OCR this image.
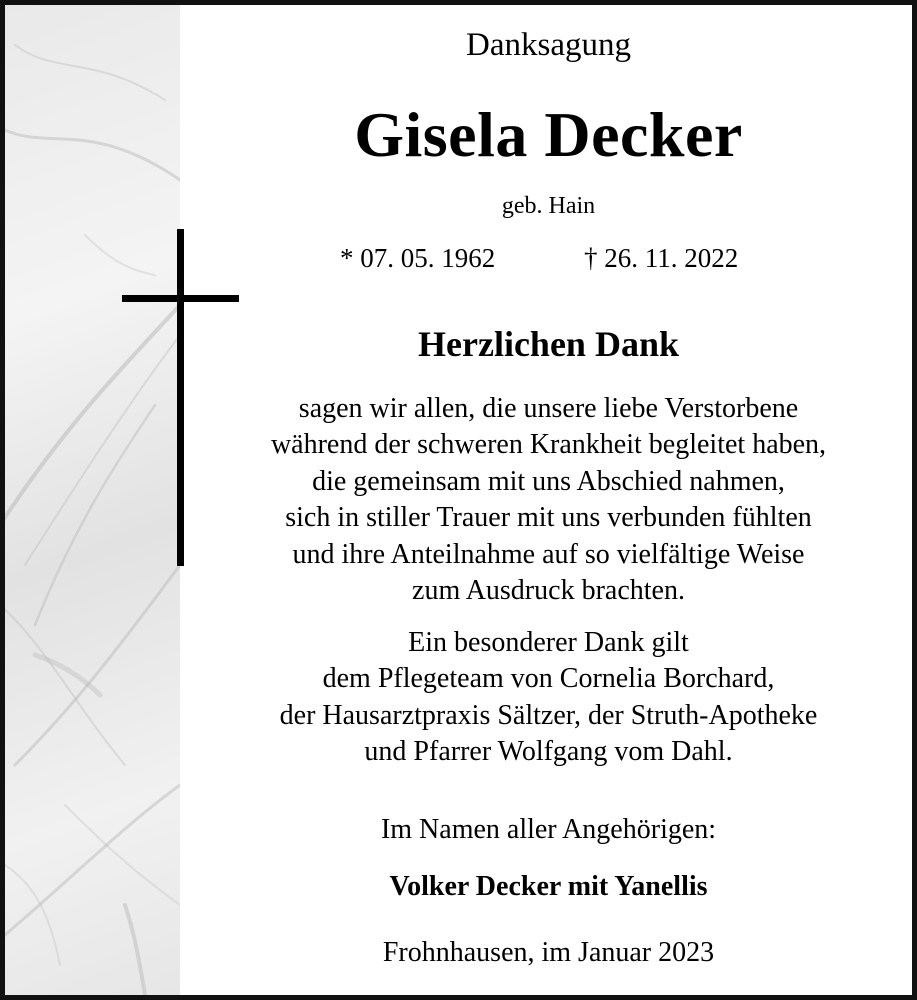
Danksagung
Gisela Decker
geb. Hain
* 07. 05. 1962	† 26. 11. 2022
Herzlichen Dank
sagen wir allen, die unsere liebe Verstorbene
während der schweren Krankheit begleitet haben,
die gemeinsam mit uns Abschied nahmen,
sich in stiller Trauer mit uns verbunden fühlten
und ihre Anteilnahme auf so vielfältige Weise
zum Ausdruck brachten.
Ein besonderer Dank gilt
dem Pflegeteam von Cornelia Borchard,
der Hausarztpraxis Sältzer, der Struth-Apotheke
und Pfarrer Wolfgang vom Dahl.
Im Namen aller Angehörigen:
Volker Decker mit Yanellis
Frohnhausen, im Januar 2023
